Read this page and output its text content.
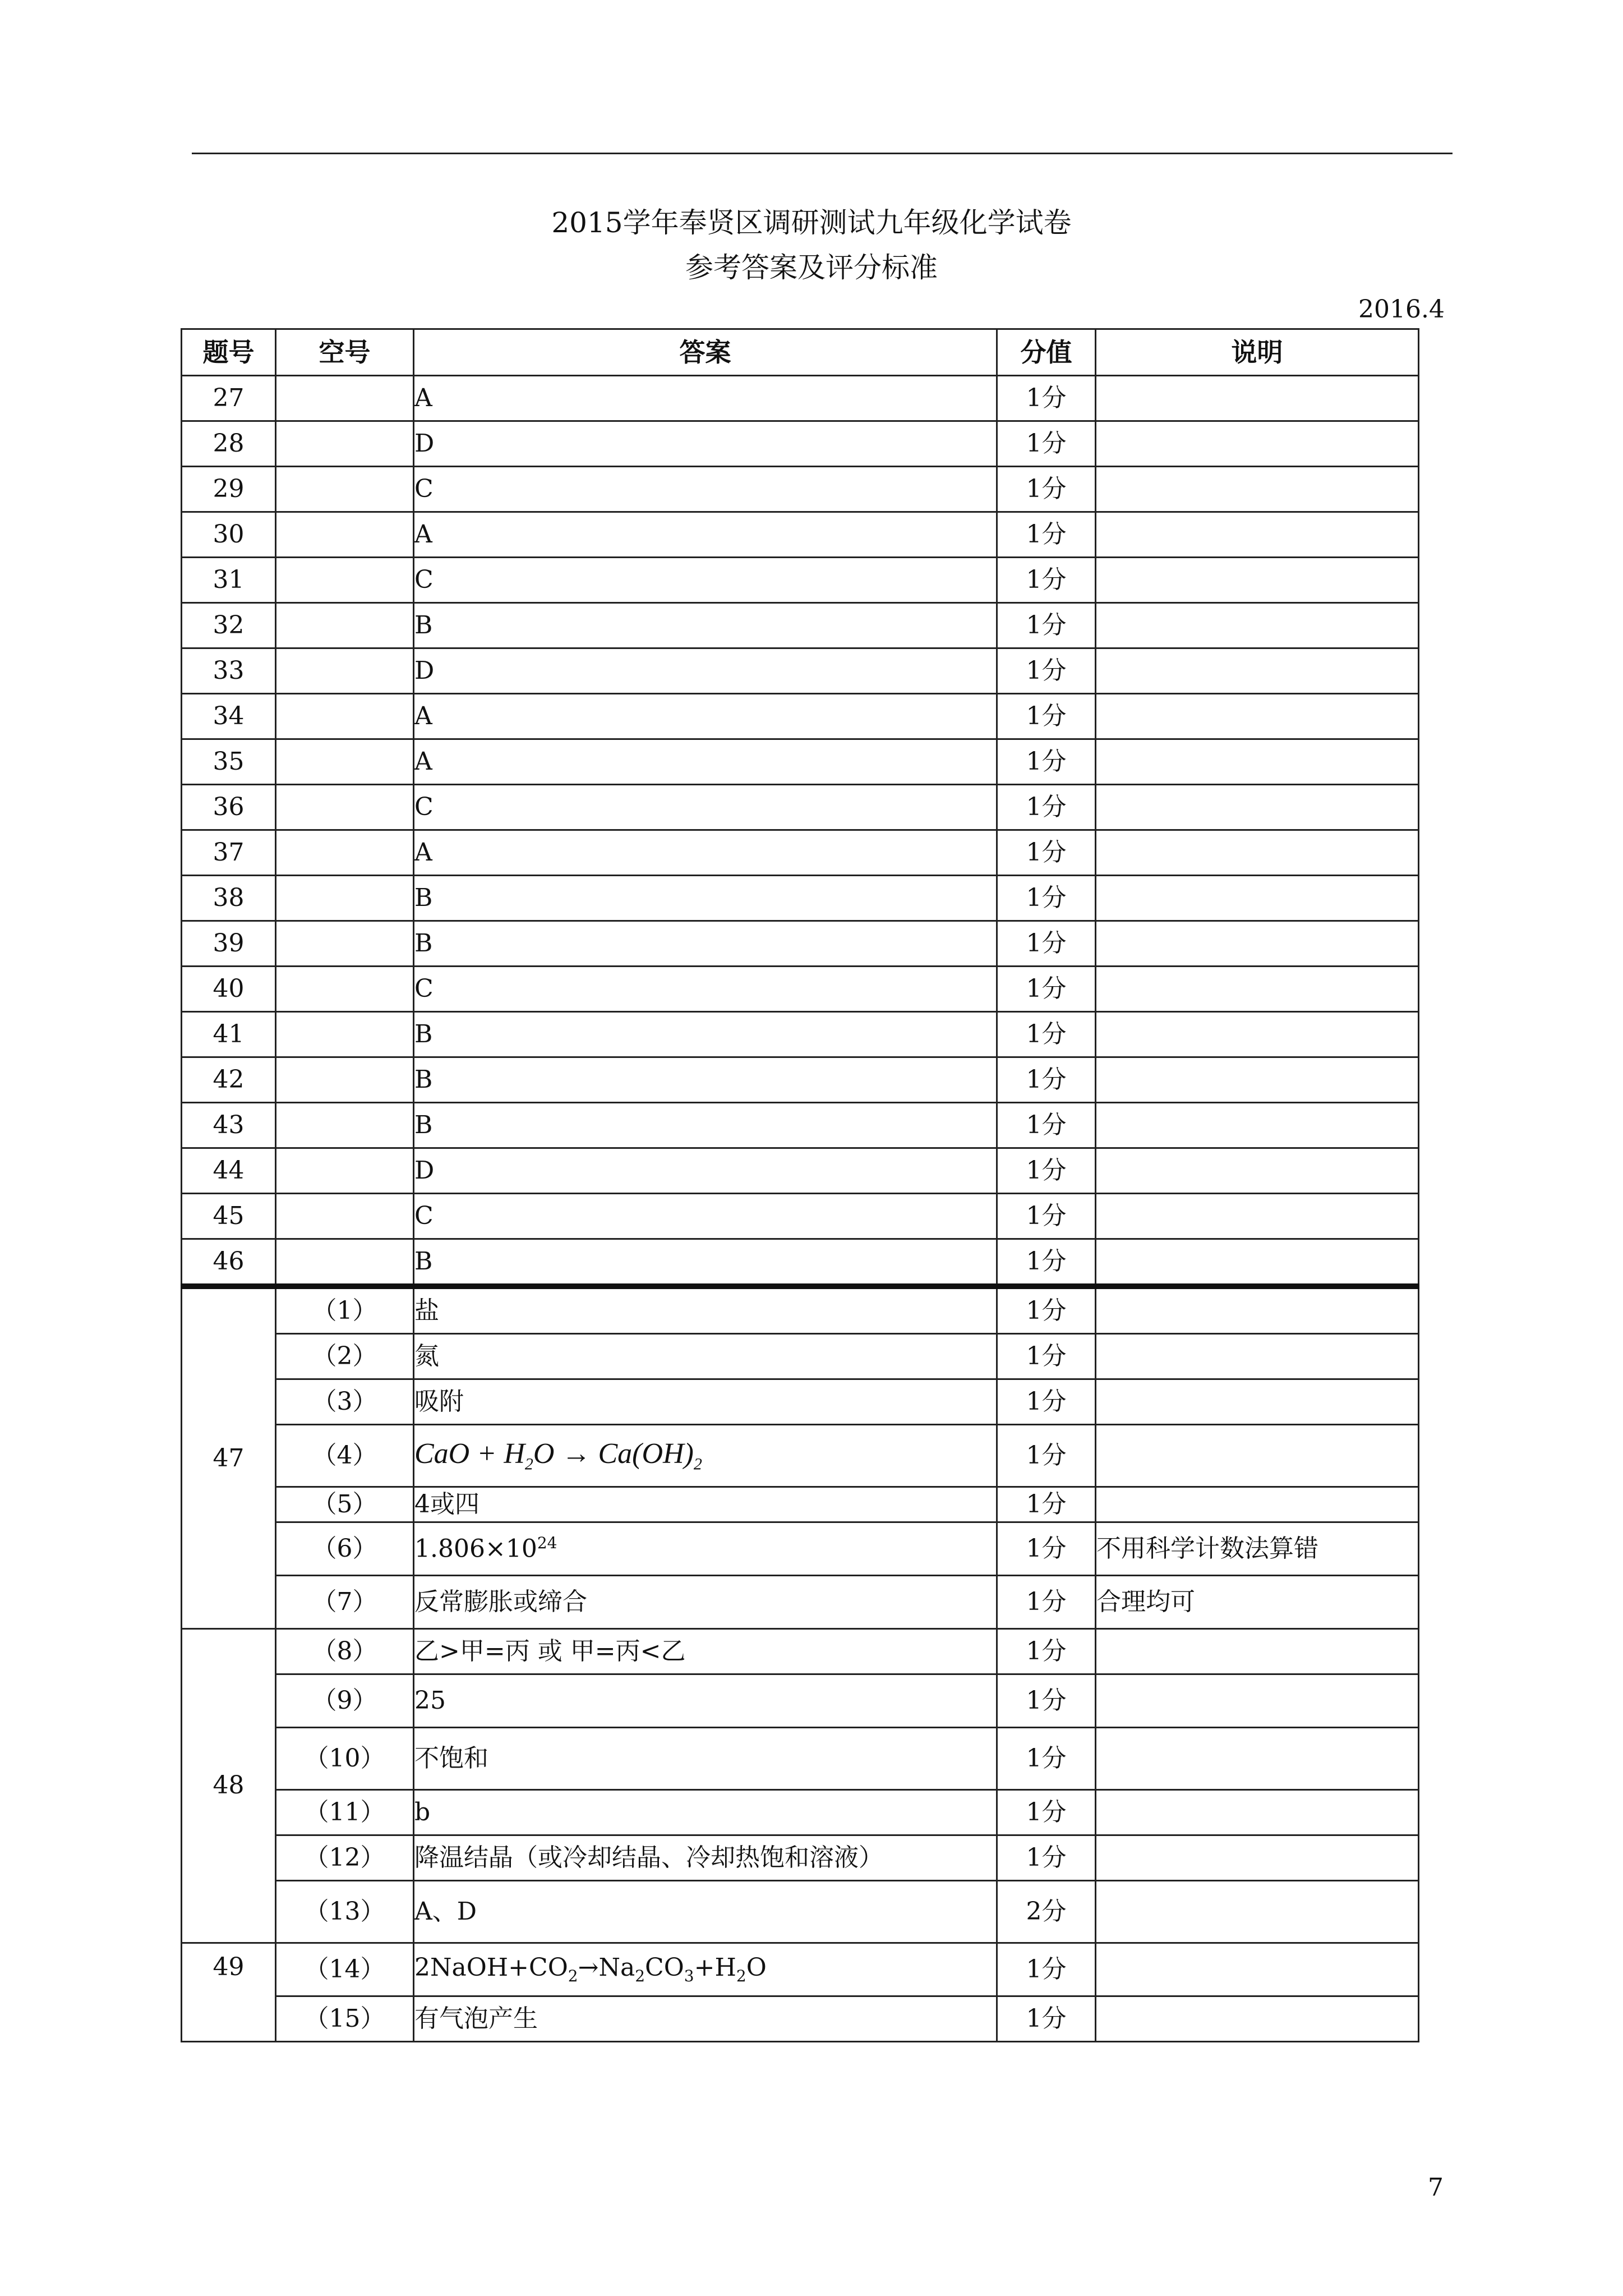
2015学年奉贤区调研测试九年级化学试卷
参考答案及评分标准
2016.4
题号	空号	答案	分值	说明
27		A	1分	
28		D	1分	
29		C	1分	
30		A	1分	
31		C	1分	
32		B	1分	
33		D	1分	
34		A	1分	
35		A	1分	
36		C	1分	
37		A	1分	
38		B	1分	
39		B	1分	
40		C	1分	
41		B	1分	
42		B	1分	
43		B	1分	
44		D	1分	
45		C	1分	
46		B	1分	
47	（1）	盐	1分	
	（2）	氮	1分	
	（3）	吸附	1分	
	（4）	CaO + $H_2O \to Ca(OH)_2$	1分	
	（5）	4或四	1分	
	（6）	$1.806\times 10^{24}$	1分	不用科学计数法算错
	（7）	反常膨胀或缔合	1分	合理均可
48	（8）	乙>甲=丙 或 甲=丙<乙	1分	
	（9）	25	1分	
	（10）	不饱和	1分	
	（11）	b	1分	
	（12）	降温结晶（或冷却结晶、冷却热饱和溶液）	1分	
	（13）	A、D	2分	
49	（14）	$2NaOH+CO_2\to Na_2CO_3+H_2O$	1分	
	（15）	有气泡产生	1分	
7
